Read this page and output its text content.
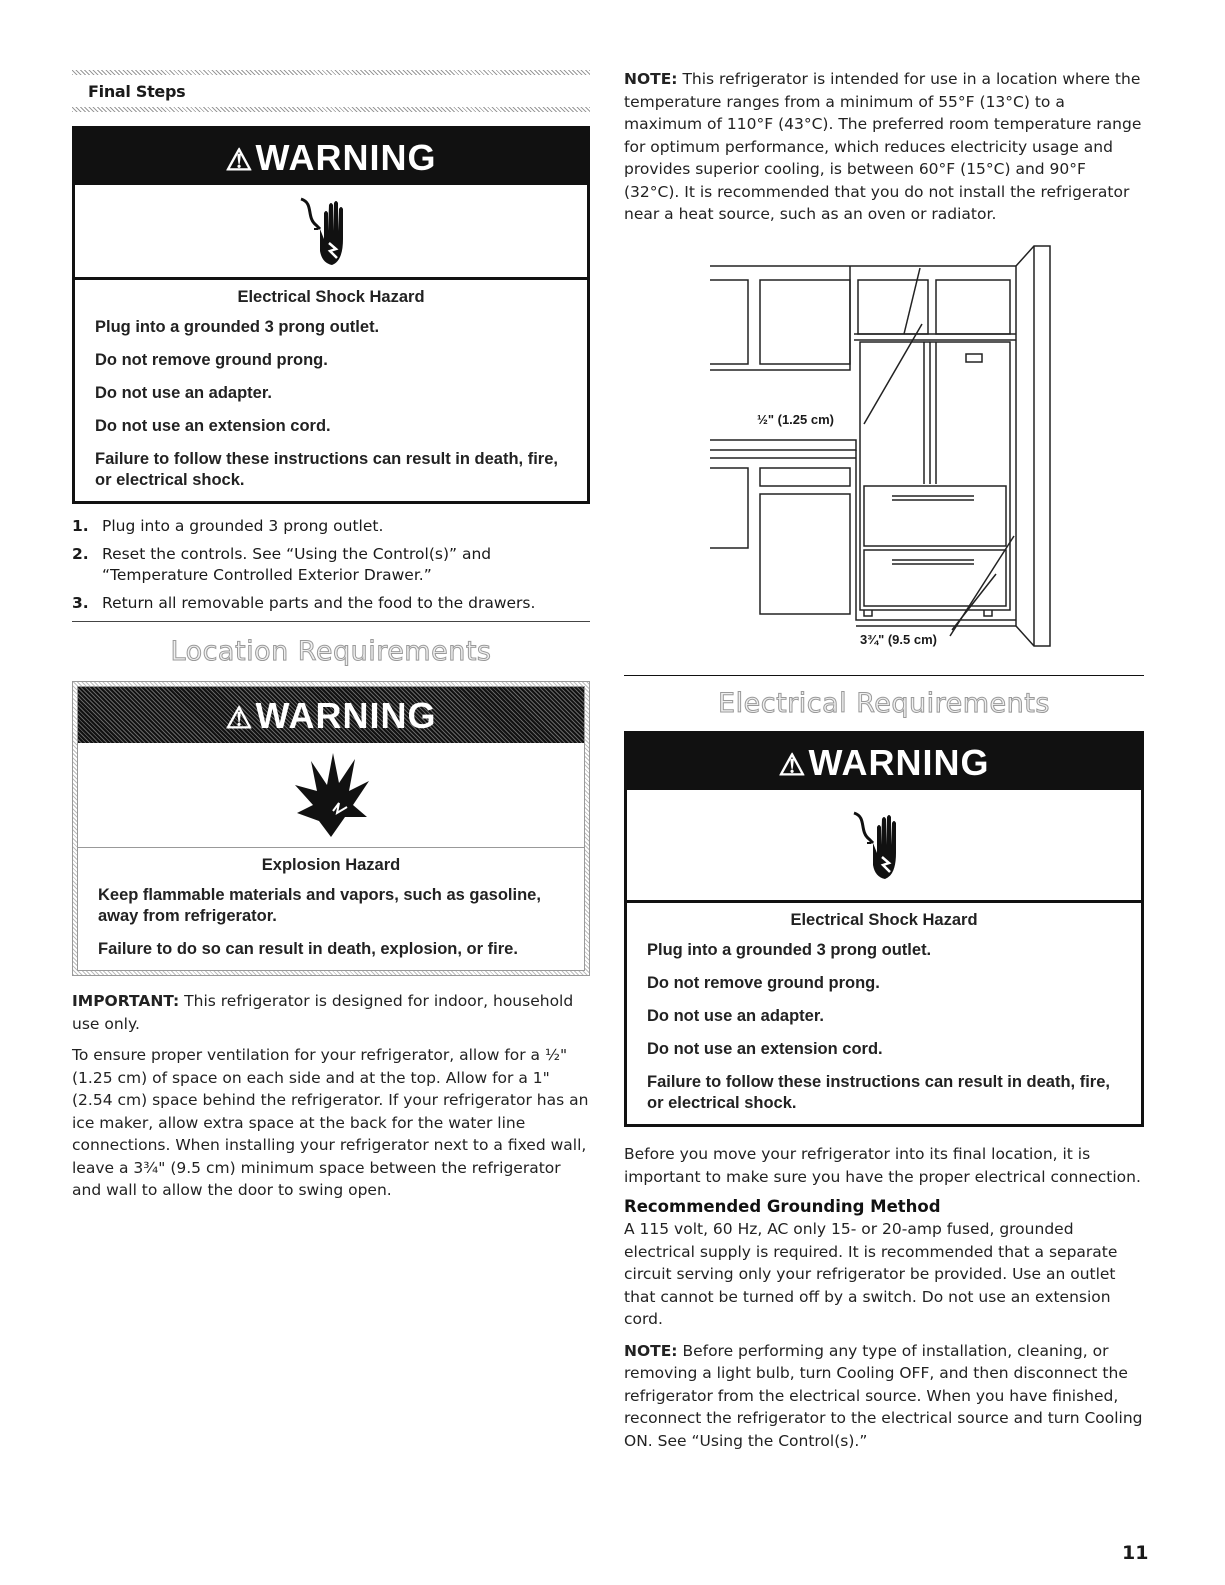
Final Steps
⚠WARNING
Electrical Shock Hazard
Plug into a grounded 3 prong outlet.
Do not remove ground prong.
Do not use an adapter.
Do not use an extension cord.
Failure to follow these instructions can result in death, fire, or electrical shock.
1. Plug into a grounded 3 prong outlet.
2. Reset the controls. See “Using the Control(s)” and “Temperature Controlled Exterior Drawer.”
3. Return all removable parts and the food to the drawers.
Location Requirements
⚠WARNING
Explosion Hazard
Keep flammable materials and vapors, such as gasoline, away from refrigerator.
Failure to do so can result in death, explosion, or fire.

IMPORTANT: This refrigerator is designed for indoor, household use only.

To ensure proper ventilation for your refrigerator, allow for a ½" (1.25 cm) of space on each side and at the top. Allow for a 1" (2.54 cm) space behind the refrigerator. If your refrigerator has an ice maker, allow extra space at the back for the water line connections. When installing your refrigerator next to a fixed wall, leave a 3¾" (9.5 cm) minimum space between the refrigerator and wall to allow the door to swing open.

NOTE: This refrigerator is intended for use in a location where the temperature ranges from a minimum of 55°F (13°C) to a maximum of 110°F (43°C). The preferred room temperature range for optimum performance, which reduces electricity usage and provides superior cooling, is between 60°F (15°C) and 90°F (32°C). It is recommended that you do not install the refrigerator near a heat source, such as an oven or radiator.

½" (1.25 cm)
3¾" (9.5 cm)
Electrical Requirements
⚠WARNING
Electrical Shock Hazard
Plug into a grounded 3 prong outlet.
Do not remove ground prong.
Do not use an adapter.
Do not use an extension cord.
Failure to follow these instructions can result in death, fire, or electrical shock.

Before you move your refrigerator into its final location, it is important to make sure you have the proper electrical connection.

Recommended Grounding Method

A 115 volt, 60 Hz, AC only 15- or 20-amp fused, grounded electrical supply is required. It is recommended that a separate circuit serving only your refrigerator be provided. Use an outlet that cannot be turned off by a switch. Do not use an extension cord.

NOTE: Before performing any type of installation, cleaning, or removing a light bulb, turn Cooling OFF, and then disconnect the refrigerator from the electrical source. When you have finished, reconnect the refrigerator to the electrical source and turn Cooling ON. See “Using the Control(s).”

11
